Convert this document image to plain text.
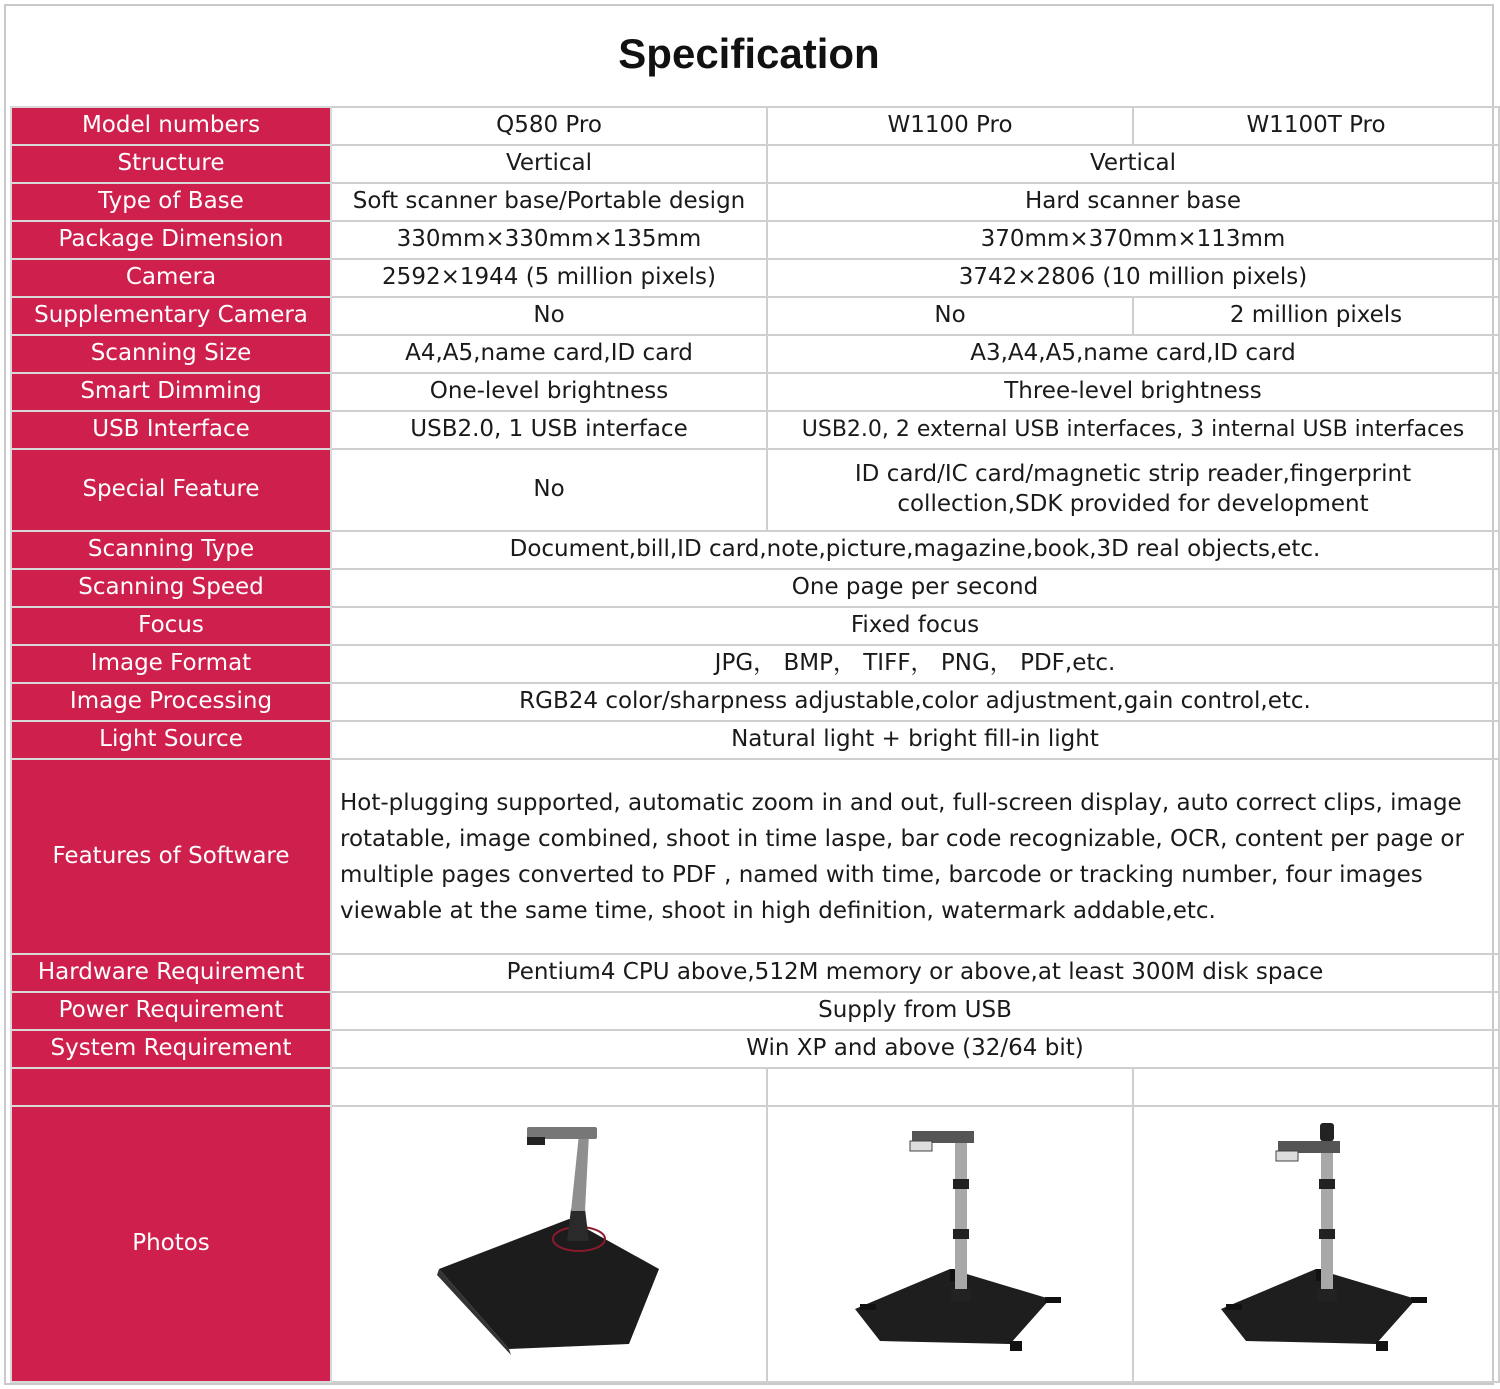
Specification
Model numbers	Q580 Pro	W1100 Pro	W1100T Pro
Structure	Vertical	Vertical	
Type of Base	Soft scanner base/Portable design	Hard scanner base	
Package Dimension	330mm×330mm×135mm	370mm×370mm×113mm	
Camera	2592×1944 (5 million pixels)	3742×2806 (10 million pixels)	
Supplementary Camera	No	No	2 million pixels
Scanning Size	A4,A5,name card,ID card	A3,A4,A5,name card,ID card	
Smart Dimming	One-level brightness	Three-level brightness	
USB Interface	USB2.0, 1 USB interface	USB2.0, 2 external USB interfaces, 3 internal USB interfaces	
Special Feature	No	ID card/IC card/magnetic strip reader,fingerprint
collection,SDK provided for development	

Scanning Type	Document,bill,ID card,note,picture,magazine,book,3D real objects,etc.		
Scanning Speed	One page per second		
Focus	Fixed focus		
Image Format	JPG， BMP， TIFF， PNG， PDF,etc.		
Image Processing	RGB24 color/sharpness adjustable,color adjustment,gain control,etc.		
Light Source	Natural light + bright fill-in light		
Features of Software	Hot-plugging supported, automatic zoom in and out, full-screen display, auto correct clips, image
rotatable, image combined, shoot in time laspe, bar code recognizable, OCR, content per page or
multiple pages converted to PDF , named with time, barcode or tracking number, four images
viewable at the same time, shoot in high definition, watermark addable,etc.		

Hardware Requirement	Pentium4 CPU above,512M memory or above,at least 300M disk space		
Power Requirement	Supply from USB		
System Requirement	Win XP and above (32/64 bit)		

Photos	
